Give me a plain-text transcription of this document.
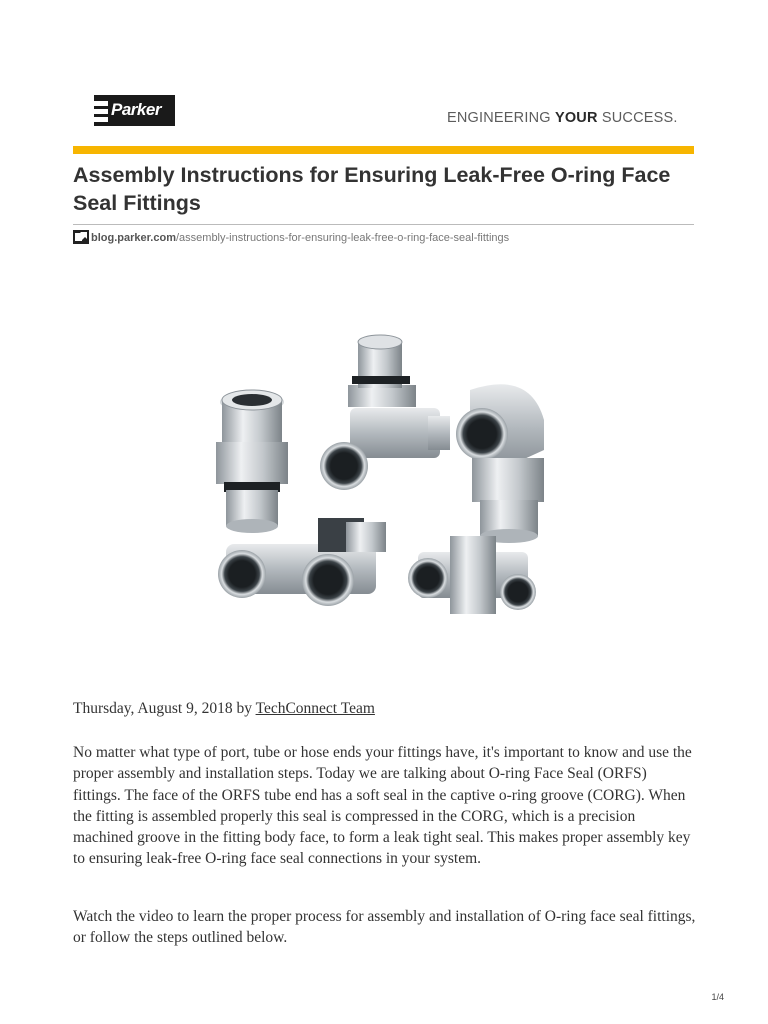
Parker	ENGINEERING YOUR SUCCESS.
Assembly Instructions for Ensuring Leak-Free O-ring Face Seal Fittings
blog.parker.com/assembly-instructions-for-ensuring-leak-free-o-ring-face-seal-fittings
Thursday, August 9, 2018 by TechConnect Team

No matter what type of port, tube or hose ends your fittings have, it's important to know and use the proper assembly and installation steps. Today we are talking about O-ring Face Seal (ORFS) fittings. The face of the ORFS tube end has a soft seal in the captive o-ring groove (CORG). When the fitting is assembled properly this seal is compressed in the CORG, which is a precision machined groove in the fitting body face, to form a leak tight seal. This makes proper assembly key to ensuring leak-free O-ring face seal connections in your system.

Watch the video to learn the proper process for assembly and installation of O-ring face seal fittings, or follow the steps outlined below.

1/4
